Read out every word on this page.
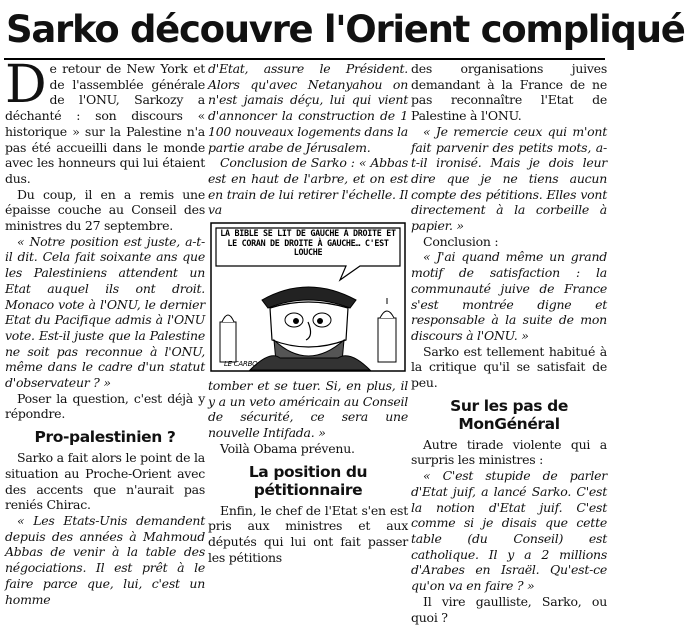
Sarko découvre l'Orient compliqué

De retour de New York et de l'assemblée générale de l'ONU, Sarkozy a déchanté : son discours « historique » sur la Palestine n'a pas été accueilli dans le monde avec les honneurs qui lui étaient dus.

Du coup, il en a remis une épaisse couche au Conseil des ministres du 27 septembre.

« Notre position est juste, a-t-il dit. Cela fait soixante ans que les Palestiniens attendent un Etat auquel ils ont droit. Monaco vote à l'ONU, le dernier Etat du Pacifique admis à l'ONU vote. Est-il juste que la Palestine ne soit pas reconnue à l'ONU, même dans le cadre d'un statut d'observateur ? »

Poser la question, c'est déjà y répondre.

Pro-palestinien ?

Sarko a fait alors le point de la situation au Proche-Orient avec des accents que n'aurait pas reniés Chirac.

« Les Etats-Unis demandent depuis des années à Mahmoud Abbas de venir à la table des négociations. Il est prêt à le faire parce que, lui, c'est un homme

d'Etat, assure le Président. Alors qu'avec Netanyahou on n'est jamais déçu, lui qui vient d'annoncer la construction de 1 100 nouveaux logements dans la partie arabe de Jérusalem.

Conclusion de Sarko : « Abbas est en haut de l'arbre, et on est en train de lui retirer l'échelle. Il va

LA BIBLE SE LIT DE GAUCHE À DROITE ET LE CORAN DE DROITE À GAUCHE… C'EST LOUCHE
LE CARBO

tomber et se tuer. Si, en plus, il y a un veto américain au Conseil de sécurité, ce sera une nouvelle Intifada. »

Voilà Obama prévenu.

La position du pétitionnaire

Enfin, le chef de l'Etat s'en est pris aux ministres et aux députés qui lui ont fait passer les pétitions

des organisations juives demandant à la France de ne pas reconnaître l'Etat de Palestine à l'ONU.

« Je remercie ceux qui m'ont fait parvenir des petits mots, a-t-il ironisé. Mais je dois leur dire que je ne tiens aucun compte des pétitions. Elles vont directement à la corbeille à papier. »

Conclusion :

« J'ai quand même un grand motif de satisfaction : la communauté juive de France s'est montrée digne et responsable à la suite de mon discours à l'ONU. »

Sarko est tellement habitué à la critique qu'il se satisfait de peu.

Sur les pas de MonGénéral

Autre tirade violente qui a surpris les ministres :

« C'est stupide de parler d'Etat juif, a lancé Sarko. C'est la notion d'Etat juif. C'est comme si je disais que cette table (du Conseil) est catholique. Il y a 2 millions d'Arabes en Israël. Qu'est-ce qu'on va en faire ? »

Il vire gaulliste, Sarko, ou quoi ?
